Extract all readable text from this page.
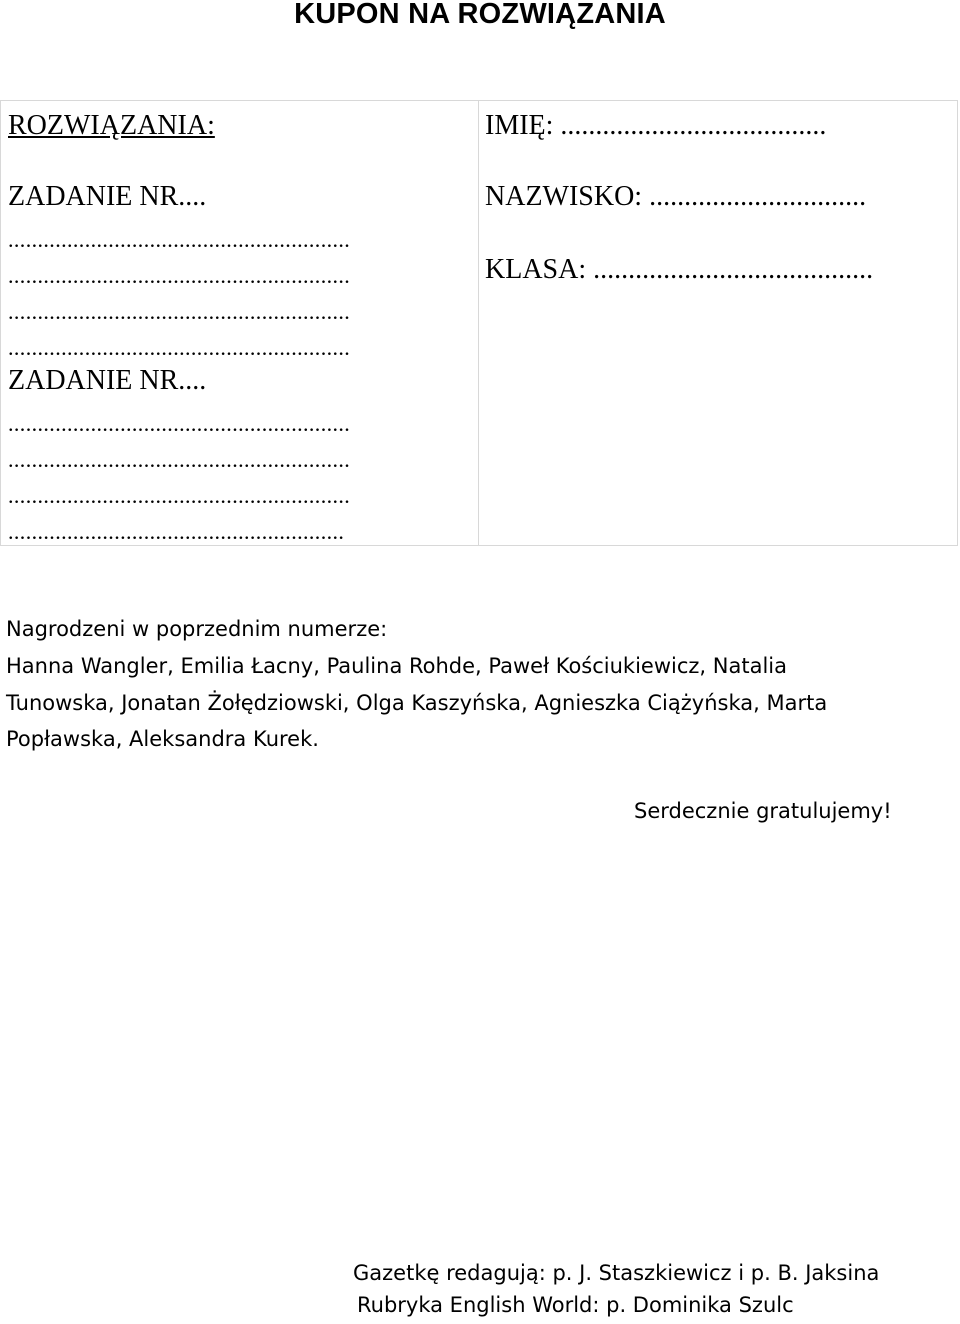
KUPON NA ROZWIĄZANIA
ROZWIĄZANIA:
ZADANIE NR....
..........................................................
..........................................................
..........................................................
..........................................................
ZADANIE NR....
..........................................................
..........................................................
..........................................................
.........................................................
IMIĘ: ......................................
NAZWISKO: ...............................
KLASA: ........................................
Nagrodzeni w poprzednim numerze:
Hanna Wangler, Emilia Łacny, Paulina Rohde, Paweł Kościukiewicz, Natalia
Tunowska, Jonatan Żołędziowski, Olga Kaszyńska, Agnieszka Ciążyńska, Marta
Popławska, Aleksandra Kurek.
Serdecznie gratulujemy!
Gazetkę redagują: p. J. Staszkiewicz i p. B. Jaksina
Rubryka English World: p. Dominika Szulc
